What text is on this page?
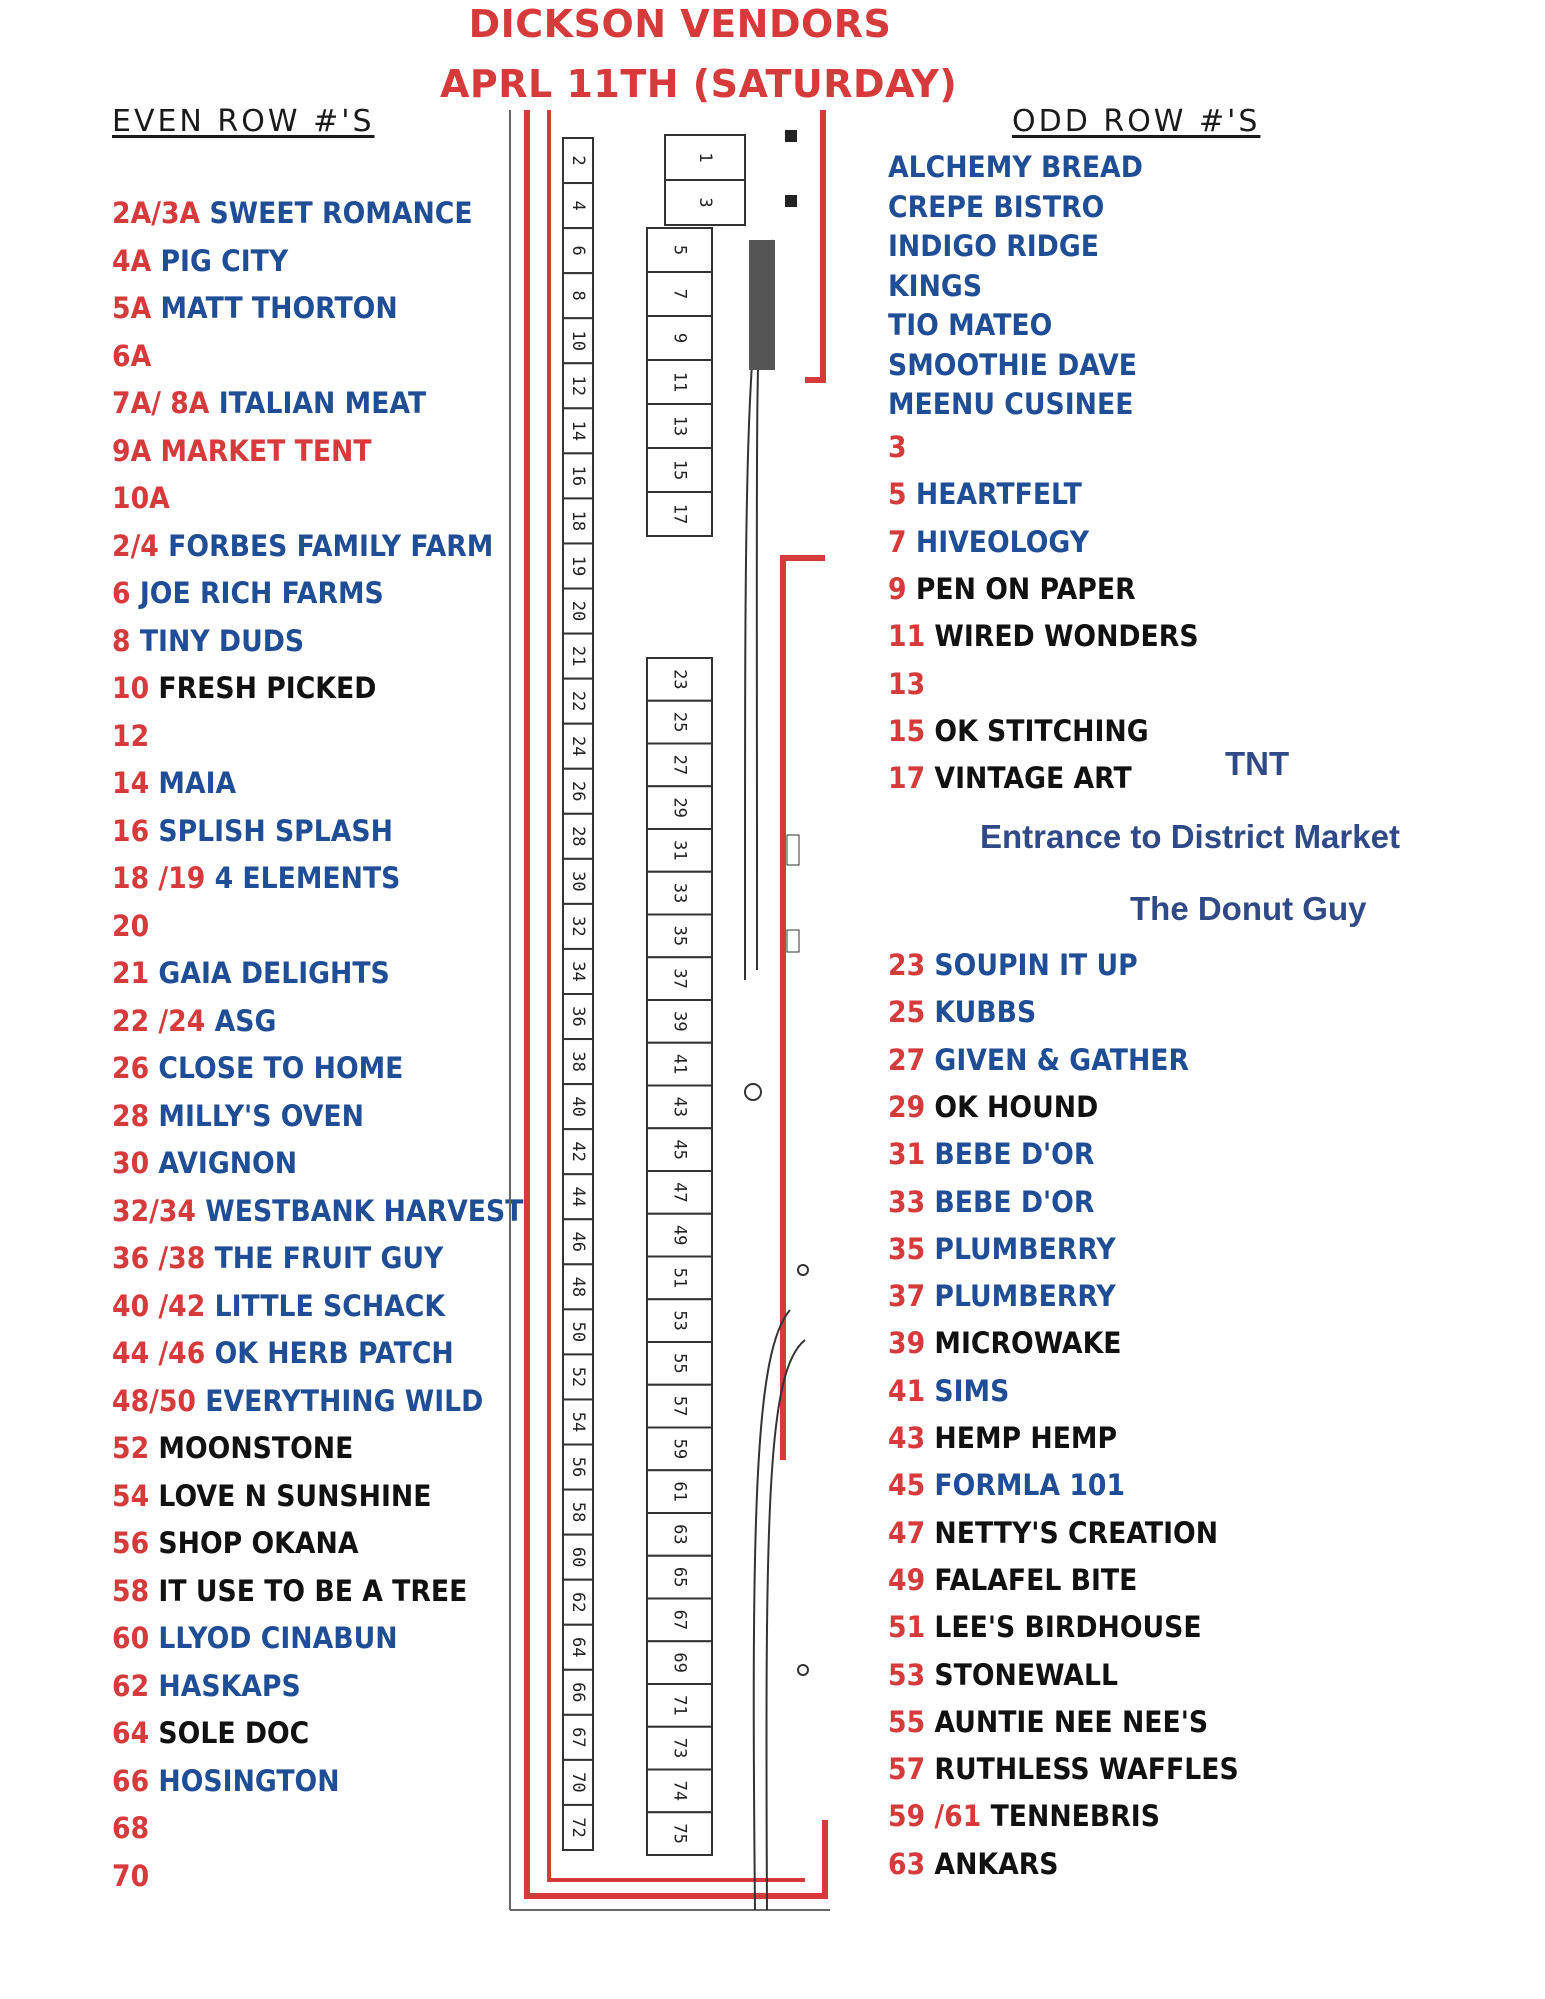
DICKSON VENDORS
APRL 11TH (SATURDAY)
EVEN ROW #'S	ODD ROW #'S
2A/3A SWEET ROMANCE
4A PIG CITY
5A MATT THORTON
6A
7A/ 8A ITALIAN MEAT
9A MARKET TENT
10A
2/4 FORBES FAMILY FARM
6 JOE RICH FARMS
8 TINY DUDS
10 FRESH PICKED
12
14 MAIA
16 SPLISH SPLASH
18 /19 4 ELEMENTS
20
21 GAIA DELIGHTS
22 /24 ASG
26 CLOSE TO HOME
28 MILLY'S OVEN
30 AVIGNON
32/34 WESTBANK HARVEST
36 /38 THE FRUIT GUY
40 /42 LITTLE SCHACK
44 /46 OK HERB PATCH
48/50 EVERYTHING WILD
52 MOONSTONE
54 LOVE N SUNSHINE
56 SHOP OKANA
58 IT USE TO BE A TREE
60 LLYOD CINABUN
62 HASKAPS
64 SOLE DOC
66 HOSINGTON
68
70
ALCHEMY BREAD
CREPE BISTRO
INDIGO RIDGE
KINGS
TIO MATEO
SMOOTHIE DAVE
MEENU CUSINEE
3
5 HEARTFELT
7 HIVEOLOGY
9 PEN ON PAPER
11 WIRED WONDERS
13
15 OK STITCHING
17 VINTAGE ART
23 SOUPIN IT UP
25 KUBBS
27 GIVEN & GATHER
29 OK HOUND
31 BEBE D'OR
33 BEBE D'OR
35 PLUMBERRY
37 PLUMBERRY
39 MICROWAKE
41 SIMS
43 HEMP HEMP
45 FORMLA 101
47 NETTY'S CREATION
49 FALAFEL BITE
51 LEE'S BIRDHOUSE
53 STONEWALL
55 AUNTIE NEE NEE'S
57 RUTHLESS WAFFLES
59 /61 TENNEBRIS
63 ANKARS
TNT
Entrance to District Market
The Donut Guy
2
4
6
8
10
12
14
16
18
19
20
21
22
24
26
28
30
32
34
36
38
40
42
44
46
48
50
52
54
56
58
60
62
64
66
67
70
72
1
3
5
7
9
11
13
15
17
23
25
27
29
31
33
35
37
39
41
43
45
47
49
51
53
55
57
59
61
63
65
67
69
71
73
74
75
